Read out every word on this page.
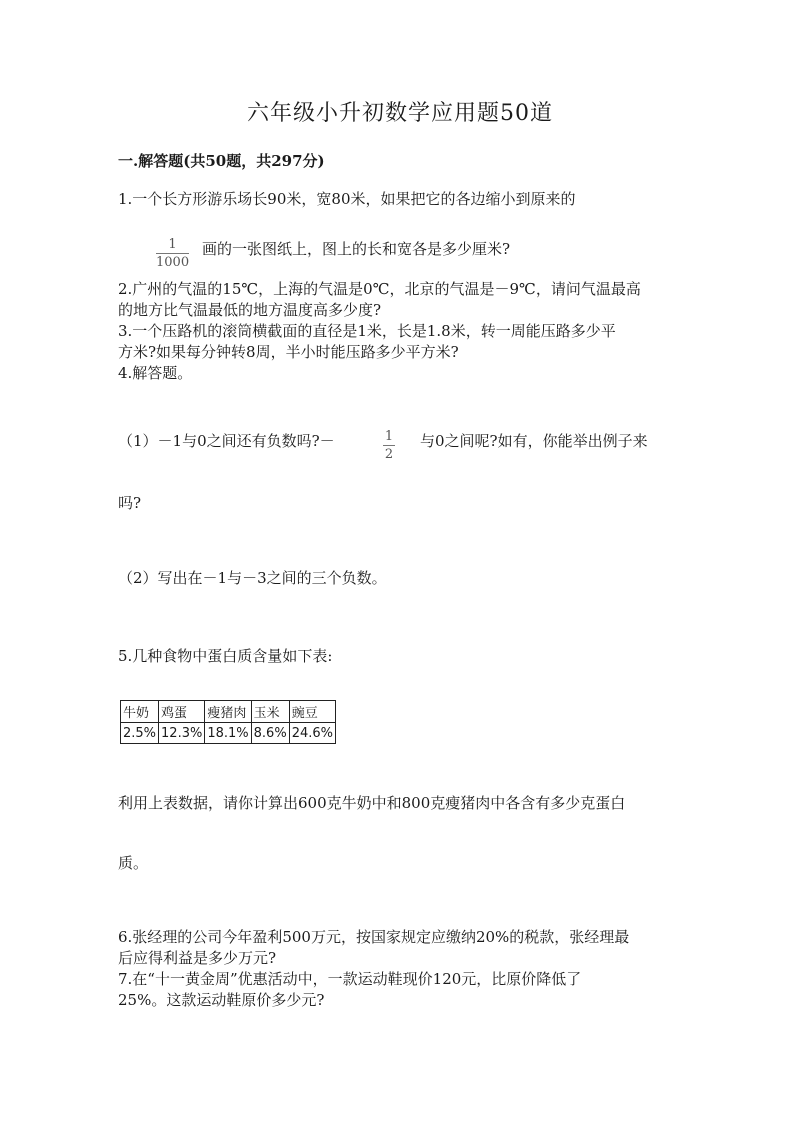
六年级小升初数学应用题50道
一.解答题(共50题，共297分)
1.一个长方形游乐场长90米，宽80米，如果把它的各边缩小到原来的
$\frac{1}{1000}$ 画的一张图纸上，图上的长和宽各是多少厘米?
2.广州的气温的15℃，上海的气温是0℃，北京的气温是－9℃，请问气温最高
的地方比气温最低的地方温度高多少度?
3.一个压路机的滚筒横截面的直径是1米，长是1.8米，转一周能压路多少平
方米?如果每分钟转8周，半小时能压路多少平方米?
4.解答题。
（1）－1与0之间还有负数吗?－	$\frac{1}{2}$ 与0之间呢?如有，你能举出例子来
吗?
（2）写出在－1与－3之间的三个负数。
5.几种食物中蛋白质含量如下表:
牛奶	鸡蛋	瘦猪肉	玉米	豌豆
2.5%	12.3%	18.1%	8.6%	24.6%
利用上表数据，请你计算出600克牛奶中和800克瘦猪肉中各含有多少克蛋白
质。
6.张经理的公司今年盈利500万元，按国家规定应缴纳20%的税款，张经理最
后应得利益是多少万元?
7.在“十一黄金周”优惠活动中，一款运动鞋现价120元，比原价降低了
25%。这款运动鞋原价多少元?
